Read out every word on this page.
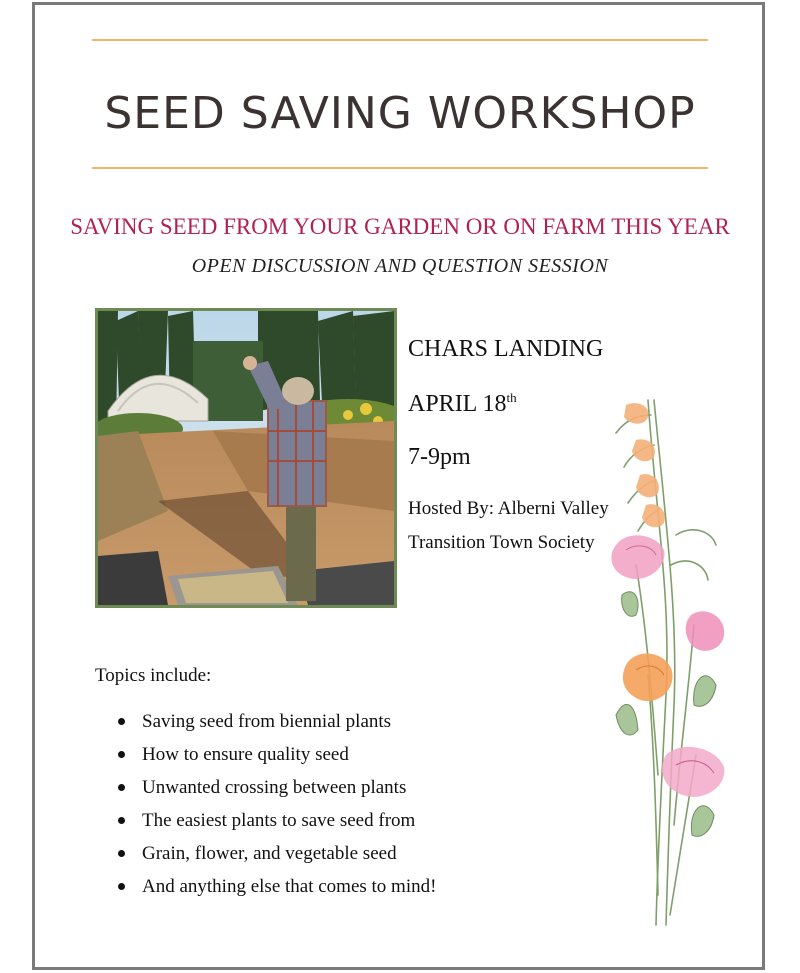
SEED SAVING WORKSHOP

SAVING SEED FROM YOUR GARDEN OR ON FARM THIS YEAR

OPEN DISCUSSION AND QUESTION SESSION

CHARS LANDING
APRIL 18th
7-9pm
Hosted By: Alberni Valley
Transition Town Society
Topics include:
Saving seed from biennial plants
How to ensure quality seed
Unwanted crossing between plants
The easiest plants to save seed from
Grain, flower, and vegetable seed
And anything else that comes to mind!
